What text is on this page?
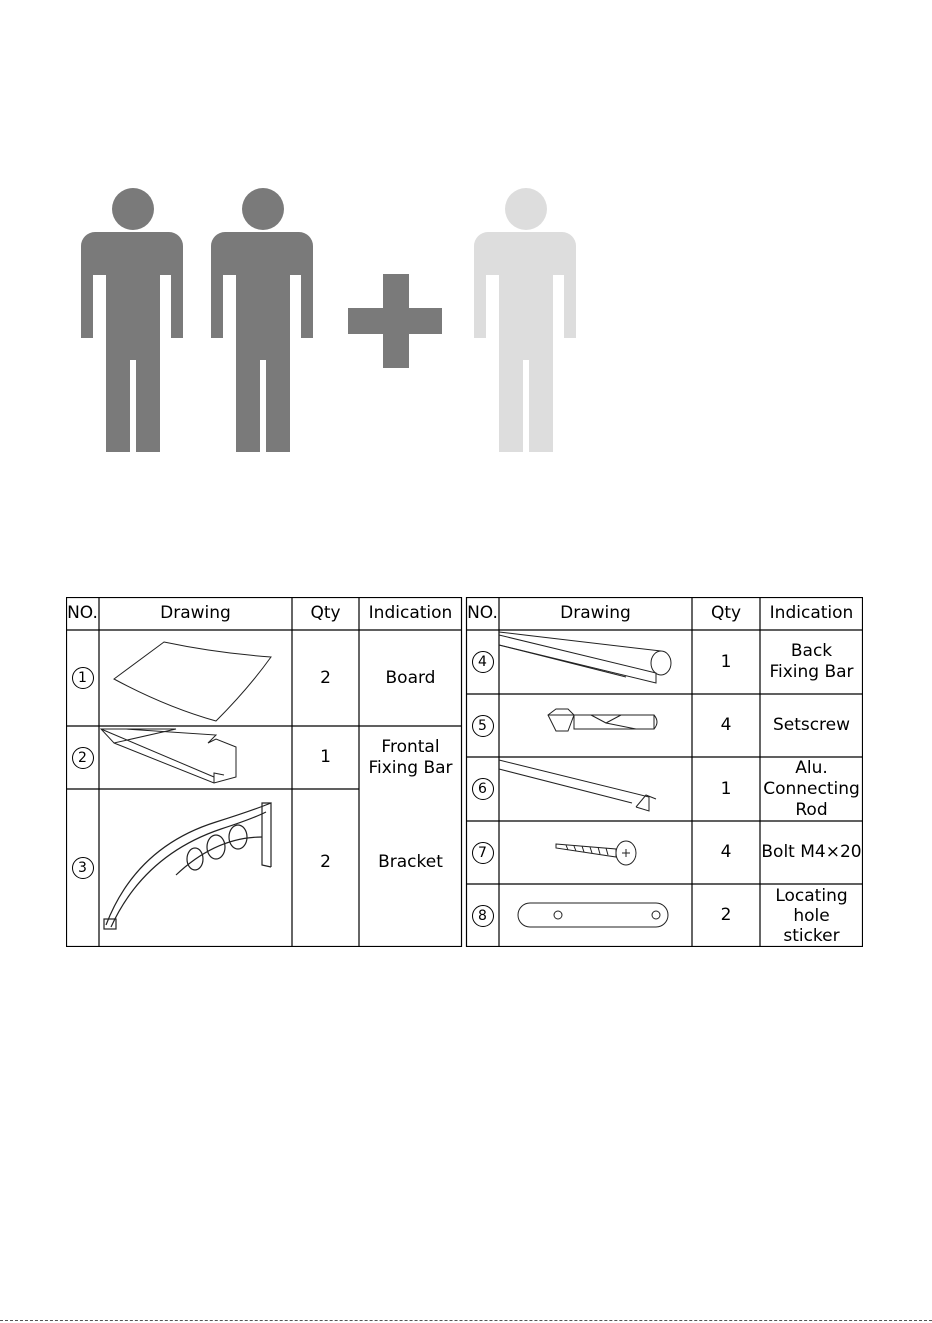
NO.	Drawing	Qty	Indication NO.	Drawing	Qty	Indication
1	2	Board
2	1
Frontal
Fixing Bar
3	2	Bracket
4	1
Back
Fixing Bar
5	4	Setscrew
6	1
Alu.
Connecting
Rod
7	4	Bolt M4×20
8	2
Locating
hole
sticker
